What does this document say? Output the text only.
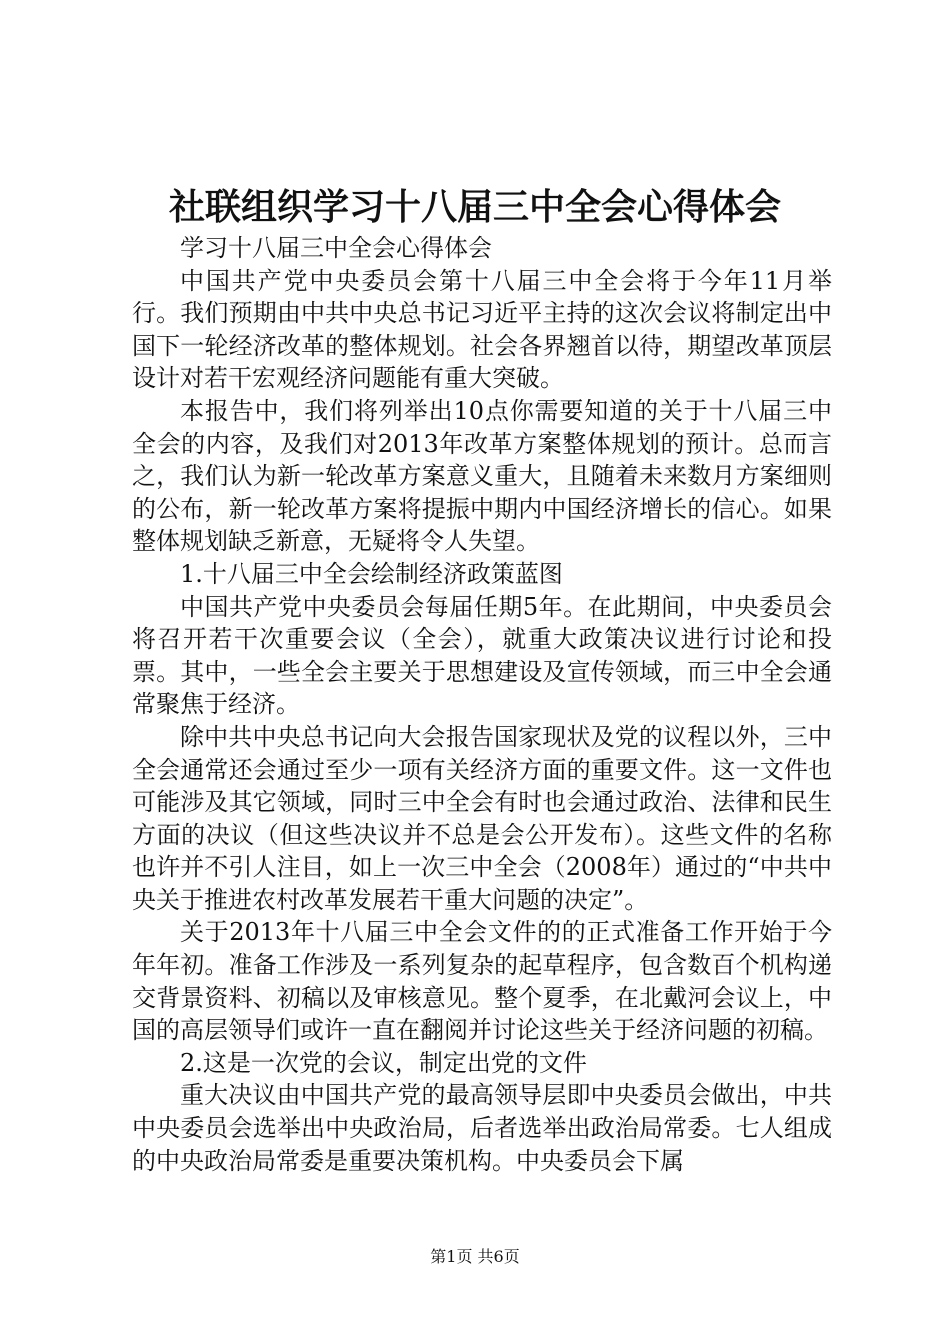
社联组织学习十八届三中全会心得体会

学习十八届三中全会心得体会

中国共产党中央委员会第十八届三中全会将于今年11月举行。我们预期由中共中央总书记习近平主持的这次会议将制定出中国下一轮经济改革的整体规划。社会各界翘首以待，期望改革顶层设计对若干宏观经济问题能有重大突破。

本报告中，我们将列举出10点你需要知道的关于十八届三中全会的内容，及我们对2013年改革方案整体规划的预计。总而言之，我们认为新一轮改革方案意义重大，且随着未来数月方案细则的公布，新一轮改革方案将提振中期内中国经济增长的信心。如果整体规划缺乏新意，无疑将令人失望。

1.十八届三中全会绘制经济政策蓝图

中国共产党中央委员会每届任期5年。在此期间，中央委员会将召开若干次重要会议（全会），就重大政策决议进行讨论和投票。其中，一些全会主要关于思想建设及宣传领域，而三中全会通常聚焦于经济。

除中共中央总书记向大会报告国家现状及党的议程以外，三中全会通常还会通过至少一项有关经济方面的重要文件。这一文件也可能涉及其它领域，同时三中全会有时也会通过政治、法律和民生方面的决议（但这些决议并不总是会公开发布）。这些文件的名称也许并不引人注目，如上一次三中全会（2008年）通过的“中共中央关于推进农村改革发展若干重大问题的决定”。

关于2013年十八届三中全会文件的的正式准备工作开始于今年年初。准备工作涉及一系列复杂的起草程序，包含数百个机构递交背景资料、初稿以及审核意见。整个夏季，在北戴河会议上，中国的高层领导们或许一直在翻阅并讨论这些关于经济问题的初稿。

2.这是一次党的会议，制定出党的文件

重大决议由中国共产党的最高领导层即中央委员会做出，中共中央委员会选举出中央政治局，后者选举出政治局常委。七人组成的中央政治局常委是重要决策机构。中央委员会下属

第1页 共6页
